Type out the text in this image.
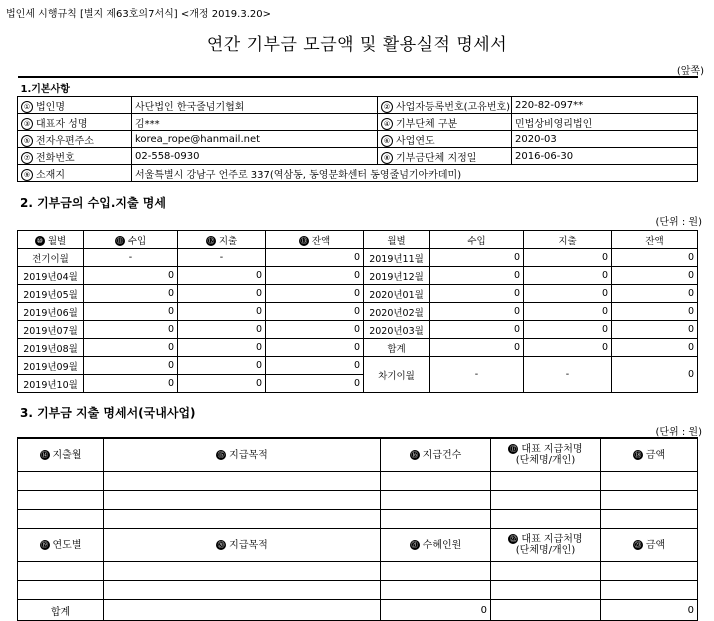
법인세 시행규칙 [별지 제63호의7서식] <개정 2019.3.20>
연간 기부금 모금액 및 활용실적 명세서
(앞쪽)
1.기본사항			
① 법인명	사단법인 한국줄넘기협회	② 사업자등록번호(고유번호)	220-82-097**
③ 대표자 성명	김***	④ 기부단체 구분	민법상비영리법인
⑤ 전자우편주소	korea_rope@hanmail.net	⑥ 사업연도	2020-03
⑦ 전화번호	02-558-0930	⑧ 기부금단체 지정일	2016-06-30
⑨ 소재지	서울특별시 강남구 언주로 337(역삼동, 동영문화센터 동영줄넘기아카데미)		
2. 기부금의 수입.지출 명세
(단위 : 원)
⑩ 월별	⑪ 수입	⑫ 지출	⑬ 잔액	월별	수입	지출	잔액
전기이월	-	-	0	2019년11월	0	0	0
2019년04월	0	0	0	2019년12월	0	0	0
2019년05월	0	0	0	2020년01월	0	0	0
2019년06월	0	0	0	2020년02월	0	0	0
2019년07월	0	0	0	2020년03월	0	0	0
2019년08월	0	0	0	합계	0	0	0
2019년09월	0	0	0	차기이월	-	-	0
2019년10월	0	0	0				
3. 기부금 지출 명세서(국내사업)
(단위 : 원)
⑭ 지출월	⑮ 지급목적	⑯ 지급건수	⑰ 대표 지급처명
(단체명/개인)	⑱ 금액

⑲ 연도별	⑳ 지급목적	㉑ 수혜인원	㉒ 대표 지급처명
(단체명/개인)	㉓ 금액

합계		0		0
